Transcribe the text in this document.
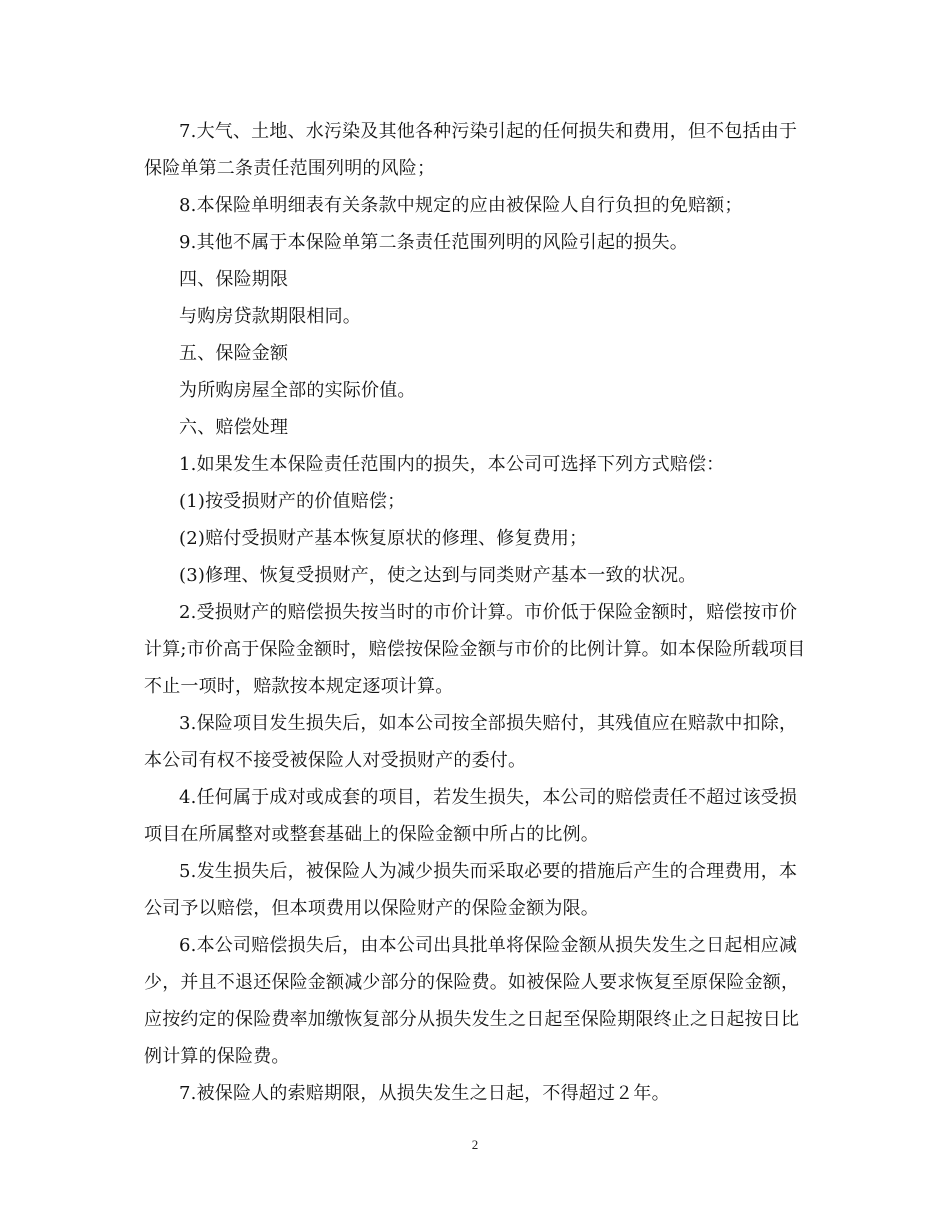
7.大气、土地、水污染及其他各种污染引起的任何损失和费用，但不包括由于保险单第二条责任范围列明的风险；

8.本保险单明细表有关条款中规定的应由被保险人自行负担的免赔额；

9.其他不属于本保险单第二条责任范围列明的风险引起的损失。

四、保险期限

与购房贷款期限相同。

五、保险金额

为所购房屋全部的实际价值。

六、赔偿处理

1.如果发生本保险责任范围内的损失，本公司可选择下列方式赔偿：

(1)按受损财产的价值赔偿；

(2)赔付受损财产基本恢复原状的修理、修复费用；

(3)修理、恢复受损财产，使之达到与同类财产基本一致的状况。

2.受损财产的赔偿损失按当时的市价计算。市价低于保险金额时，赔偿按市价计算;市价高于保险金额时，赔偿按保险金额与市价的比例计算。如本保险所载项目不止一项时，赔款按本规定逐项计算。

3.保险项目发生损失后，如本公司按全部损失赔付，其残值应在赔款中扣除，本公司有权不接受被保险人对受损财产的委付。

4.任何属于成对或成套的项目，若发生损失，本公司的赔偿责任不超过该受损项目在所属整对或整套基础上的保险金额中所占的比例。

5.发生损失后，被保险人为减少损失而采取必要的措施后产生的合理费用，本公司予以赔偿，但本项费用以保险财产的保险金额为限。

6.本公司赔偿损失后，由本公司出具批单将保险金额从损失发生之日起相应减少，并且不退还保险金额减少部分的保险费。如被保险人要求恢复至原保险金额，应按约定的保险费率加缴恢复部分从损失发生之日起至保险期限终止之日起按日比例计算的保险费。

7.被保险人的索赔期限，从损失发生之日起，不得超过２年。

2
